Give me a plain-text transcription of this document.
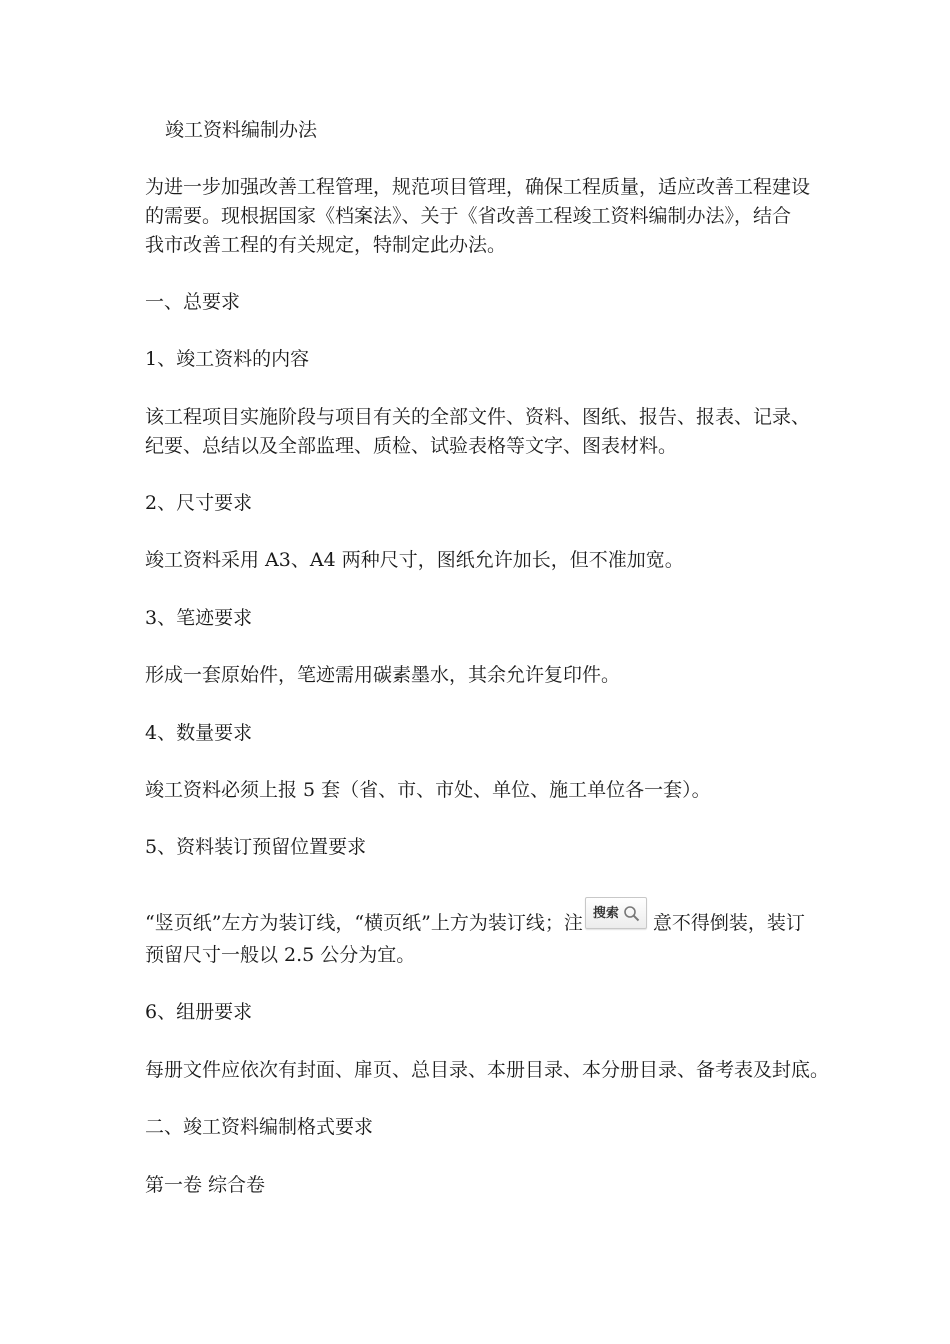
竣工资料编制办法

为进一步加强改善工程管理，规范项目管理，确保工程质量，适应改善工程建设

的需要。现根据国家《档案法》、关于《省改善工程竣工资料编制办法》，结合

我市改善工程的有关规定，特制定此办法。

一、总要求

1、竣工资料的内容

该工程项目实施阶段与项目有关的全部文件、资料、图纸、报告、报表、记录、

纪要、总结以及全部监理、质检、试验表格等文字、图表材料。

2、尺寸要求

竣工资料采用 A3、A4 两种尺寸，图纸允许加长，但不准加宽。

3、笔迹要求

形成一套原始件，笔迹需用碳素墨水，其余允许复印件。

4、数量要求

竣工资料必须上报 5 套（省、市、市处、单位、施工单位各一套）。

5、资料装订预留位置要求

“竖页纸”左方为装订线，“横页纸”上方为装订线；注 搜索 意不得倒装，装订

预留尺寸一般以 2.5 公分为宜。

6、组册要求

每册文件应依次有封面、扉页、总目录、本册目录、本分册目录、备考表及封底。

二、竣工资料编制格式要求

第一卷 综合卷
